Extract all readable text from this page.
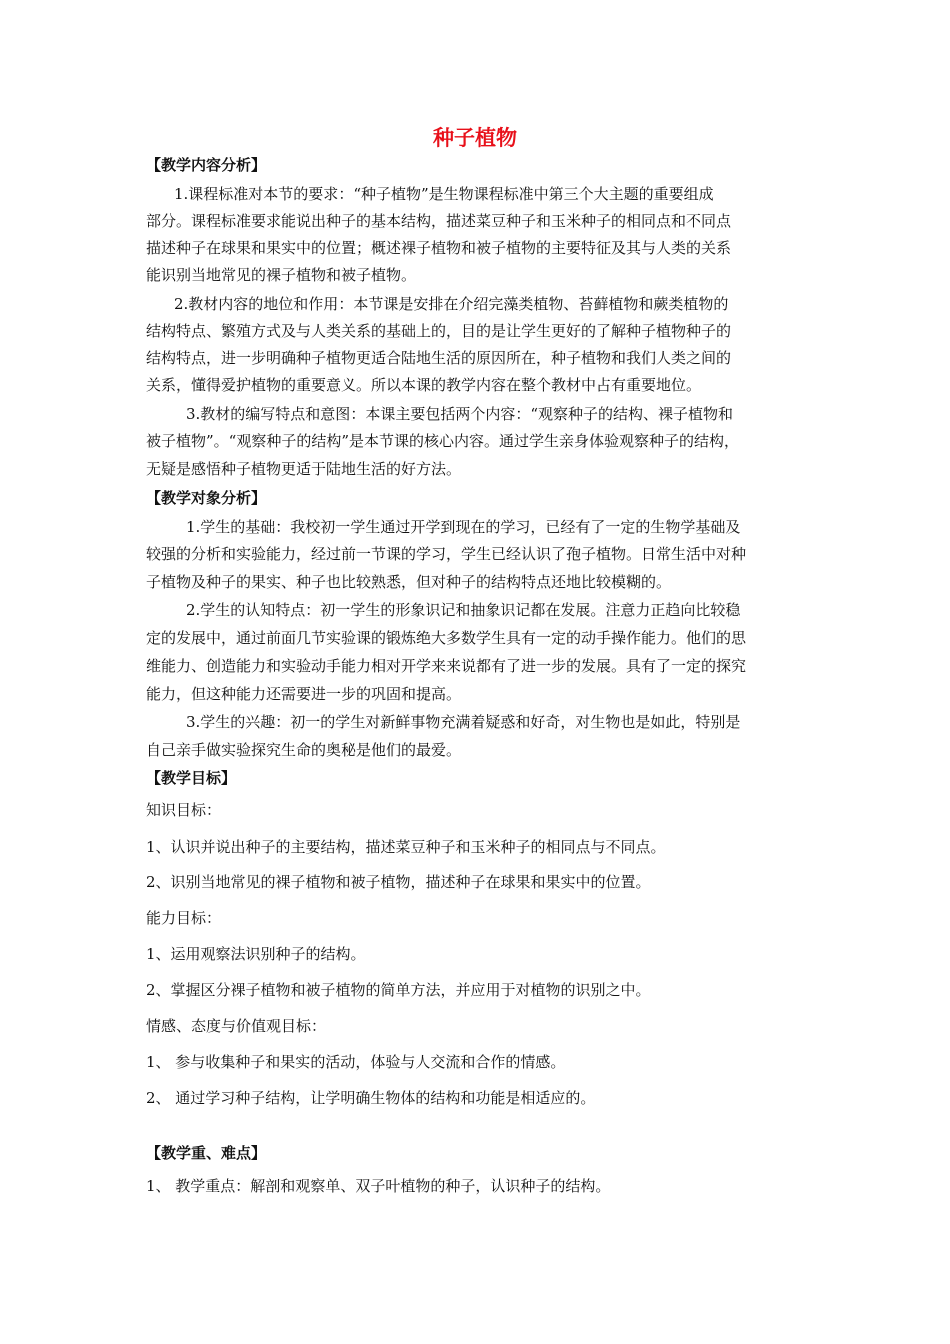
种子植物
【教学内容分析】
1.课程标准对本节的要求：“种子植物”是生物课程标准中第三个大主题的重要组成
部分。课程标准要求能说出种子的基本结构，描述菜豆种子和玉米种子的相同点和不同点
描述种子在球果和果实中的位置；概述裸子植物和被子植物的主要特征及其与人类的关系
能识别当地常见的裸子植物和被子植物。
2.教材内容的地位和作用：本节课是安排在介绍完藻类植物、苔藓植物和蕨类植物的
结构特点、繁殖方式及与人类关系的基础上的，目的是让学生更好的了解种子植物种子的
结构特点，进一步明确种子植物更适合陆地生活的原因所在，种子植物和我们人类之间的
关系，懂得爱护植物的重要意义。所以本课的教学内容在整个教材中占有重要地位。
3.教材的编写特点和意图：本课主要包括两个内容：“观察种子的结构、裸子植物和
被子植物”。“观察种子的结构”是本节课的核心内容。通过学生亲身体验观察种子的结构，
无疑是感悟种子植物更适于陆地生活的好方法。
【教学对象分析】
1.学生的基础：我校初一学生通过开学到现在的学习，已经有了一定的生物学基础及
较强的分析和实验能力，经过前一节课的学习，学生已经认识了孢子植物。日常生活中对种
子植物及种子的果实、种子也比较熟悉，但对种子的结构特点还地比较模糊的。
2.学生的认知特点：初一学生的形象识记和抽象识记都在发展。注意力正趋向比较稳
定的发展中，通过前面几节实验课的锻炼绝大多数学生具有一定的动手操作能力。他们的思
维能力、创造能力和实验动手能力相对开学来来说都有了进一步的发展。具有了一定的探究
能力，但这种能力还需要进一步的巩固和提高。
3.学生的兴趣：初一的学生对新鲜事物充满着疑惑和好奇，对生物也是如此，特别是
自己亲手做实验探究生命的奥秘是他们的最爱。
【教学目标】
知识目标：
1、认识并说出种子的主要结构，描述菜豆种子和玉米种子的相同点与不同点。
2、识别当地常见的裸子植物和被子植物，描述种子在球果和果实中的位置。
能力目标：
1、运用观察法识别种子的结构。
2、掌握区分裸子植物和被子植物的简单方法，并应用于对植物的识别之中。
情感、态度与价值观目标：
1、 参与收集种子和果实的活动，体验与人交流和合作的情感。
2、 通过学习种子结构，让学明确生物体的结构和功能是相适应的。
【教学重、难点】
1、 教学重点：解剖和观察单、双子叶植物的种子，认识种子的结构。
